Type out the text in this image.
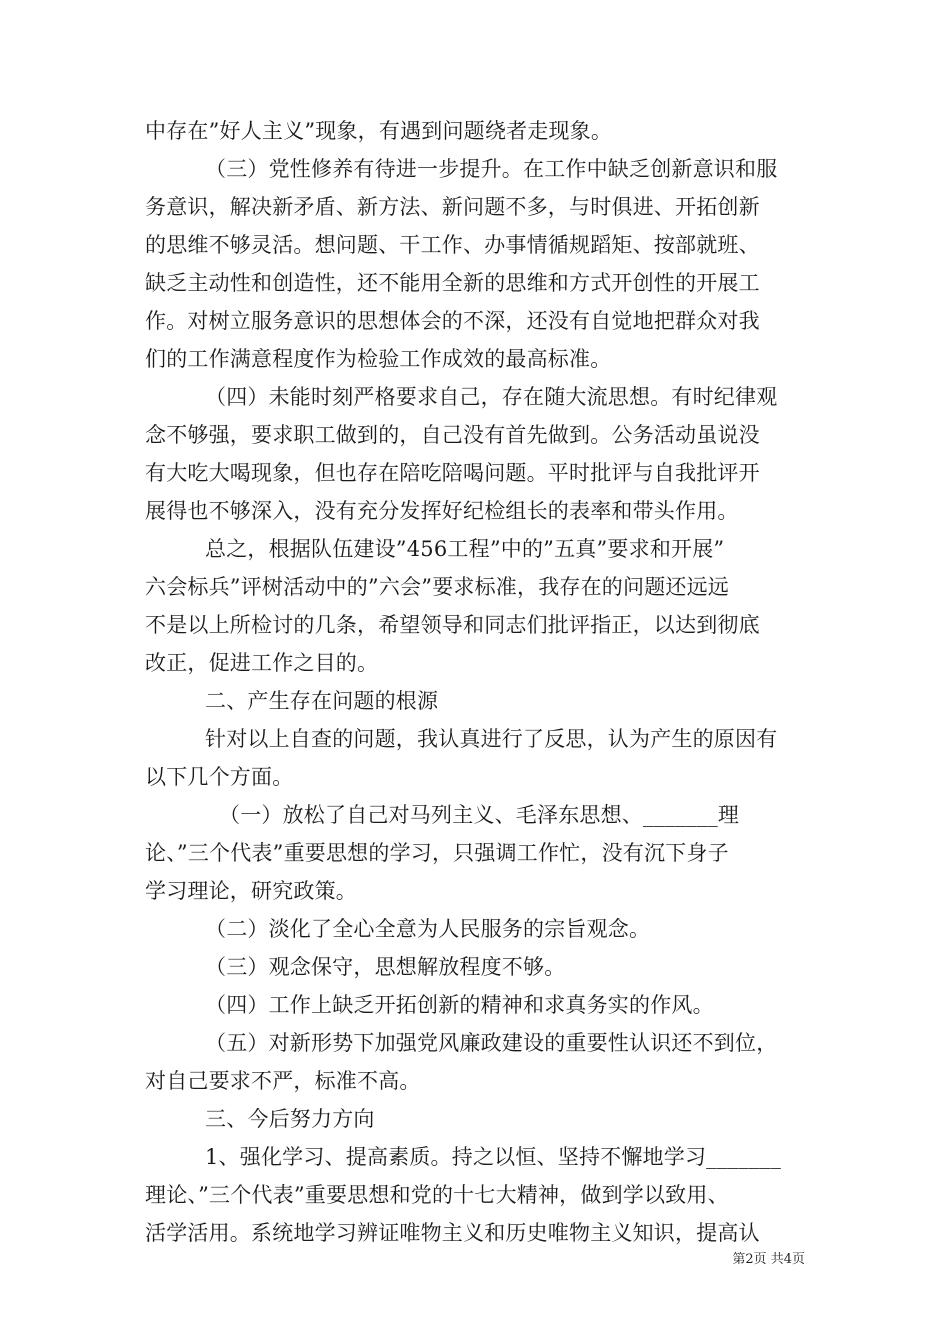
中存在”好人主义”现象，有遇到问题绕者走现象。
（三）党性修养有待进一步提升。在工作中缺乏创新意识和服
务意识，解决新矛盾、新方法、新问题不多，与时俱进、开拓创新
的思维不够灵活。想问题、干工作、办事情循规蹈矩、按部就班、
缺乏主动性和创造性，还不能用全新的思维和方式开创性的开展工
作。对树立服务意识的思想体会的不深，还没有自觉地把群众对我
们的工作满意程度作为检验工作成效的最高标准。
（四）未能时刻严格要求自己，存在随大流思想。有时纪律观
念不够强，要求职工做到的，自己没有首先做到。公务活动虽说没
有大吃大喝现象，但也存在陪吃陪喝问题。平时批评与自我批评开
展得也不够深入，没有充分发挥好纪检组长的表率和带头作用。
总之，根据队伍建设”456工程”中的”五真”要求和开展”
六会标兵”评树活动中的”六会”要求标准，我存在的问题还远远
不是以上所检讨的几条，希望领导和同志们批评指正，以达到彻底
改正，促进工作之目的。
二、产生存在问题的根源
针对以上自查的问题，我认真进行了反思，认为产生的原因有
以下几个方面。
（一）放松了自己对马列主义、毛泽东思想、_______理
论、”三个代表”重要思想的学习，只强调工作忙，没有沉下身子
学习理论，研究政策。
（二）淡化了全心全意为人民服务的宗旨观念。
（三）观念保守，思想解放程度不够。
（四）工作上缺乏开拓创新的精神和求真务实的作风。
（五）对新形势下加强党风廉政建设的重要性认识还不到位，
对自己要求不严，标准不高。
三、今后努力方向
1、强化学习、提高素质。持之以恒、坚持不懈地学习_______
理论、”三个代表”重要思想和党的十七大精神，做到学以致用、
活学活用。系统地学习辨证唯物主义和历史唯物主义知识，提高认
第2页 共4页
